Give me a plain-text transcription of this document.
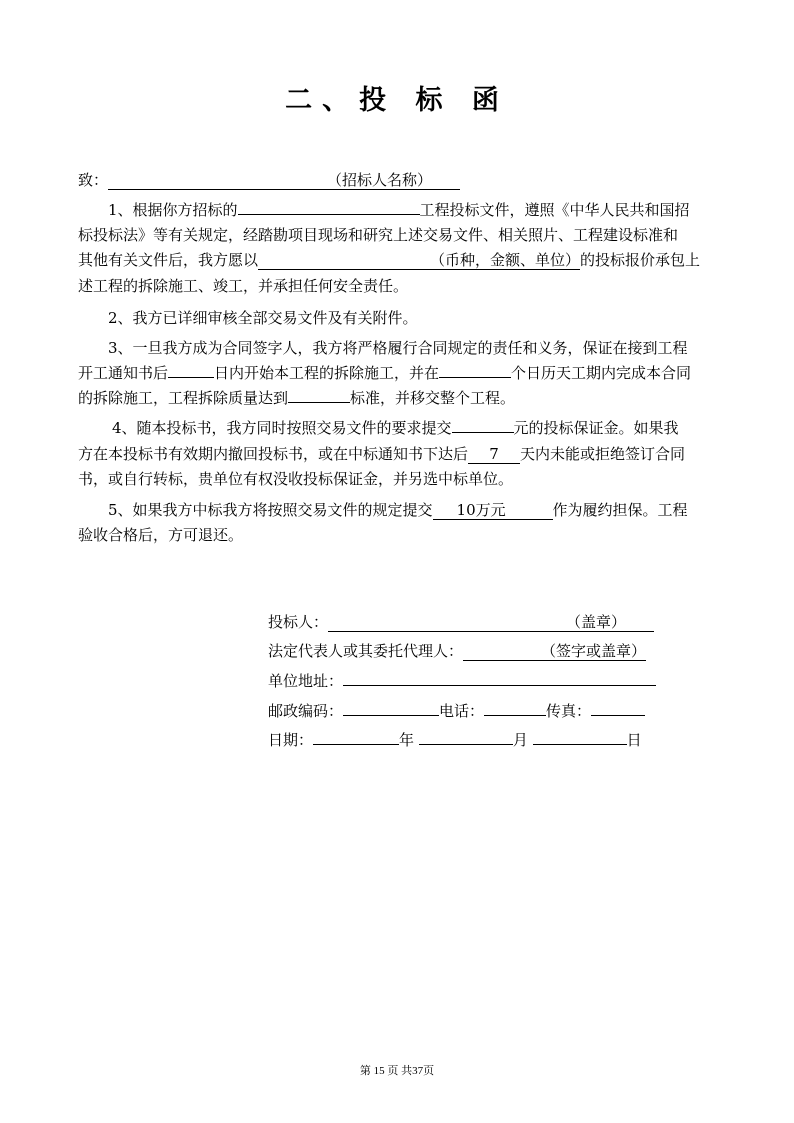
二、投 标 函
致：	（招标人名称）
1、根据你方招标的	工程投标文件，遵照《中华人民共和国招
标投标法》等有关规定，经踏勘项目现场和研究上述交易文件、相关照片、工程建设标准和
其他有关文件后，我方愿以	（币种，金额、单位）的投标报价承包上
述工程的拆除施工、竣工，并承担任何安全责任。
2、我方已详细审核全部交易文件及有关附件。
3、一旦我方成为合同签字人，我方将严格履行合同规定的责任和义务，保证在接到工程
开工通知书后	日内开始本工程的拆除施工，并在	个日历天工期内完成本合同
的拆除施工，工程拆除质量达到	标准，并移交整个工程。
4、随本投标书，我方同时按照交易文件的要求提交	元的投标保证金。如果我
方在本投标书有效期内撤回投标书，或在中标通知书下达后 7 天内未能或拒绝签订合同
书，或自行转标，贵单位有权没收投标保证金，并另选中标单位。
5、如果我方中标我方将按照交易文件的规定提交 10万元	作为履约担保。工程
验收合格后，方可退还。
投标人：	（盖章）
法定代表人或其委托代理人：	（签字或盖章）
单位地址：
邮政编码：	电话：	传真：
日期：	年	月	日
第 15 页 共37页
